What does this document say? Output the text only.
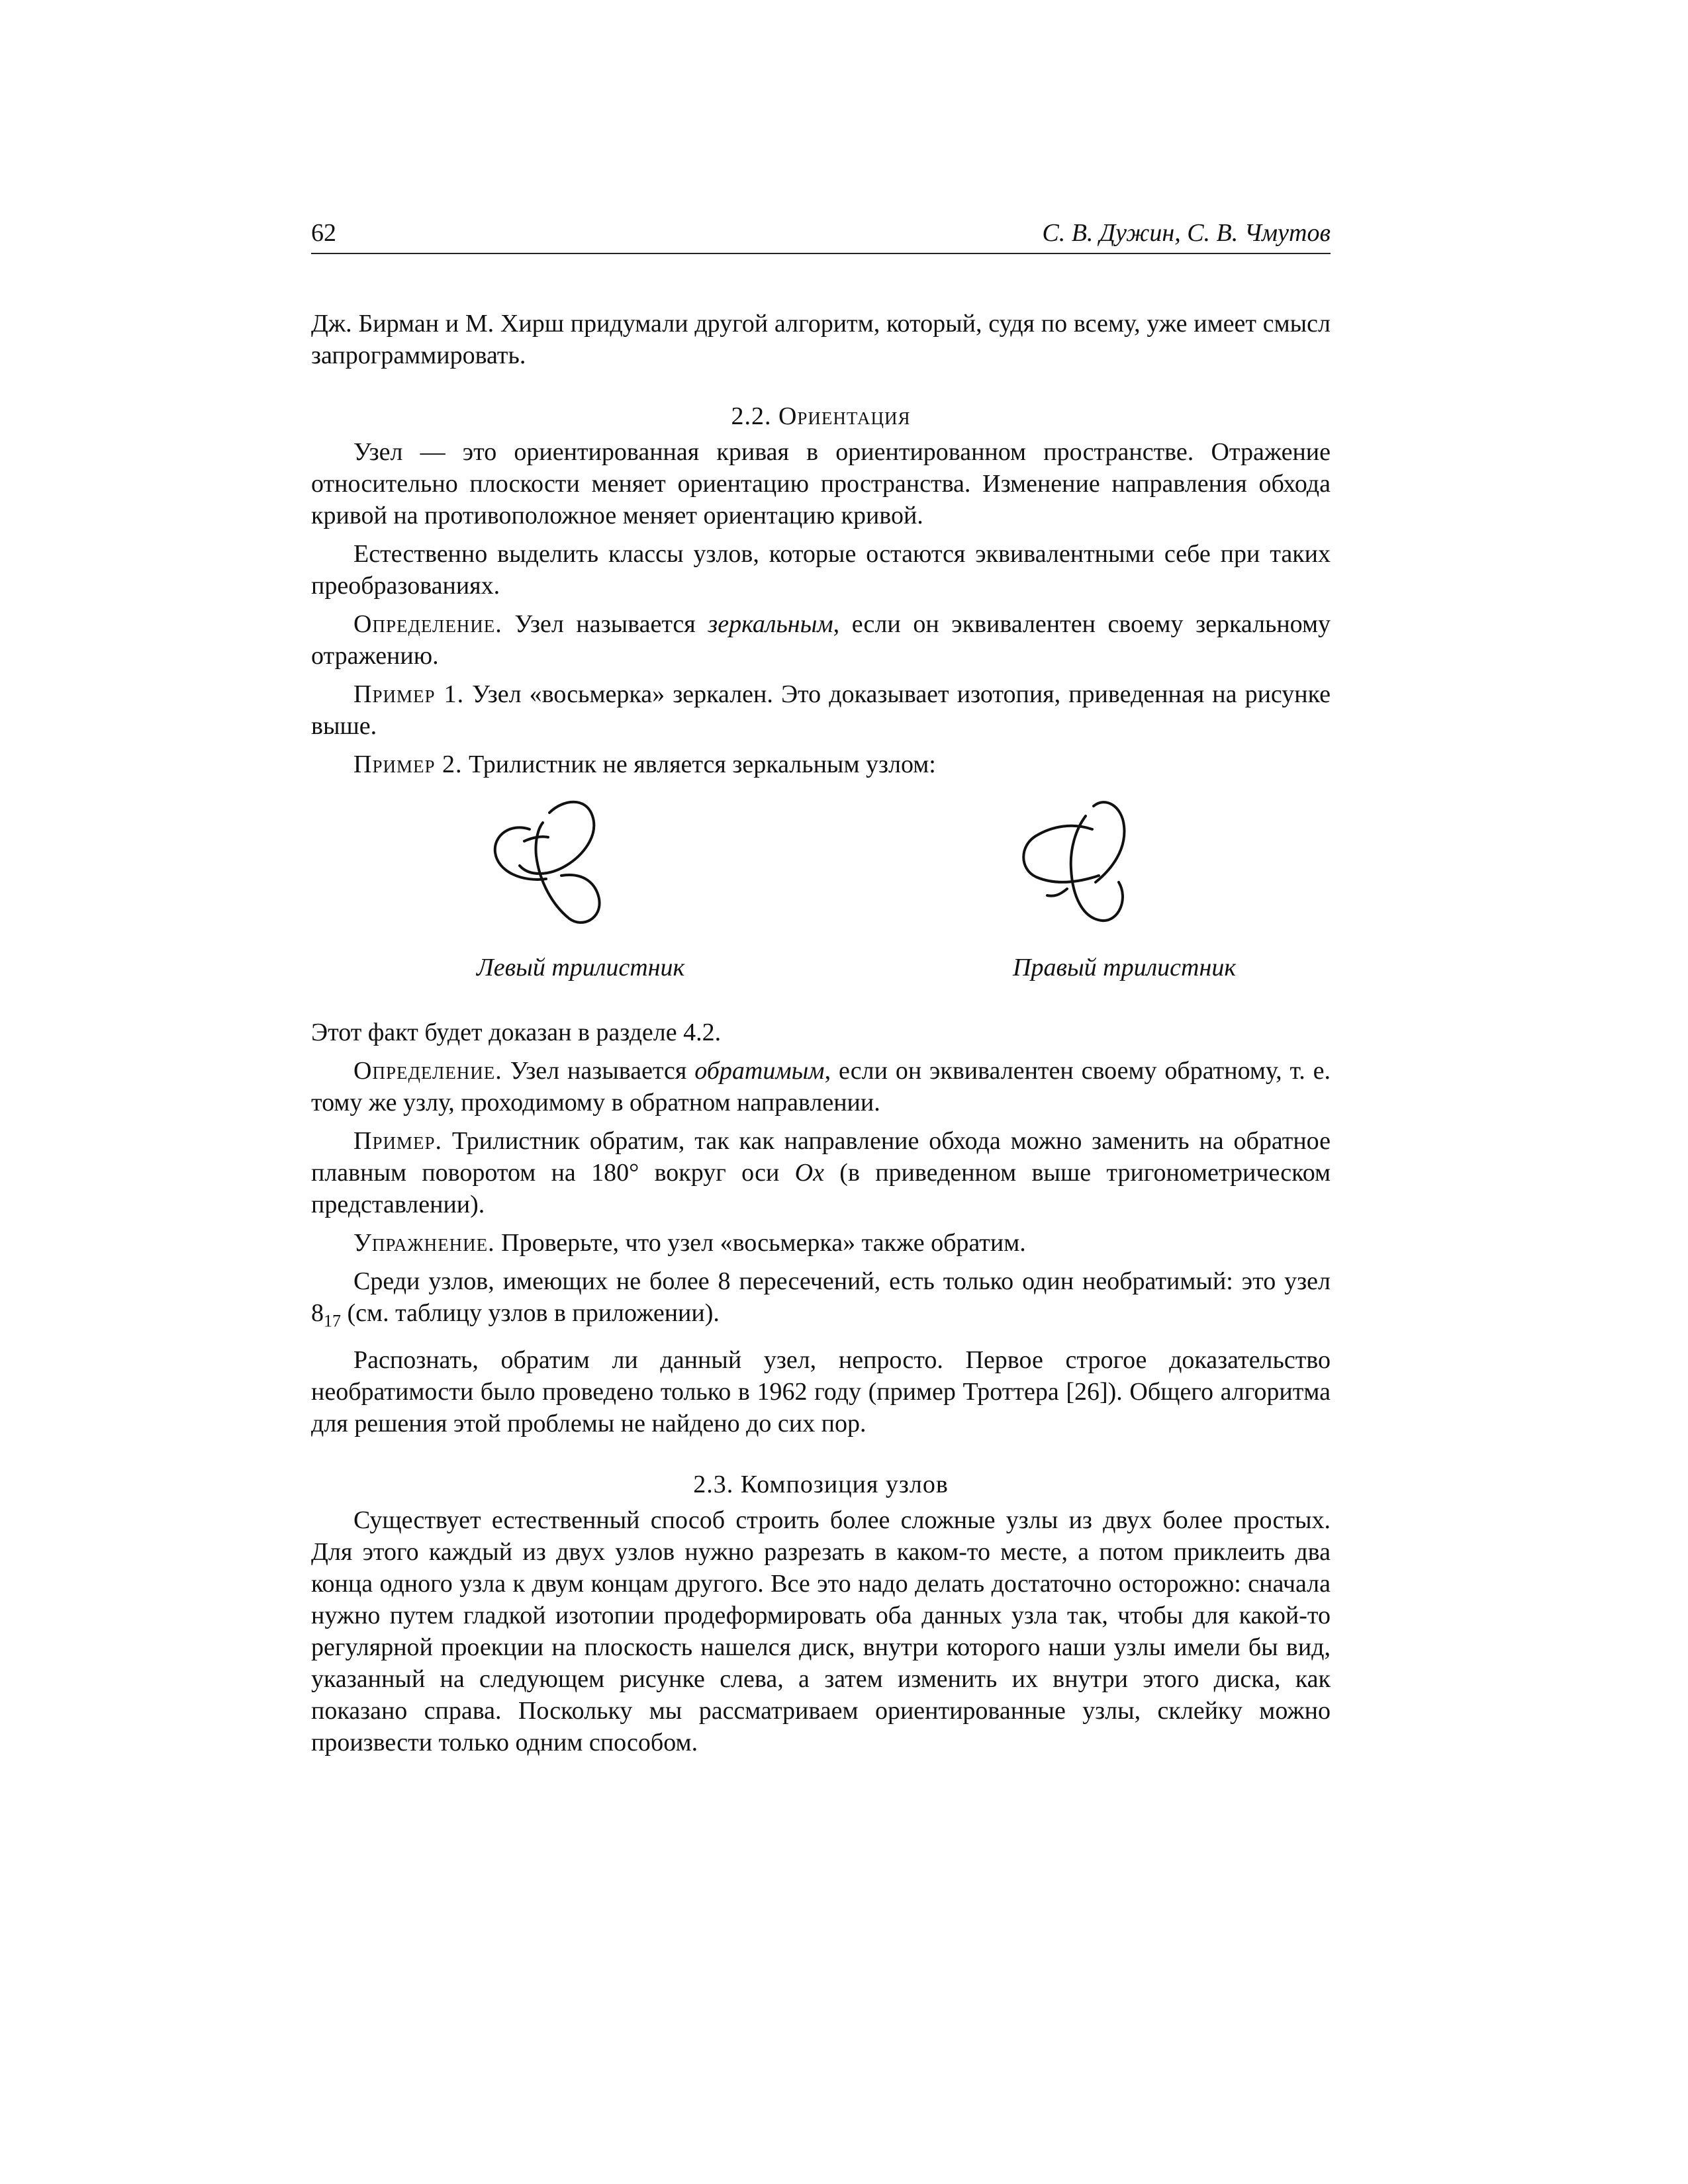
62	С. В. Дужин, С. В. Чмутов

Дж. Бирман и М. Хирш придумали другой алгоритм, который, судя по всему, уже имеет смысл запрограммировать.

2.2. Ориентация

Узел — это ориентированная кривая в ориентированном пространстве. Отражение относительно плоскости меняет ориентацию пространства. Изменение направления обхода кривой на противоположное меняет ориентацию кривой.

Естественно выделить классы узлов, которые остаются эквивалентными себе при таких преобразованиях.

Определение. Узел называется зеркальным, если он эквивалентен своему зеркальному отражению.

Пример 1. Узел «восьмерка» зеркален. Это доказывает изотопия, приведенная на рисунке выше.

Пример 2. Трилистник не является зеркальным узлом:

Левый трилистник	Правый трилистник

Этот факт будет доказан в разделе 4.2.

Определение. Узел называется обратимым, если он эквивалентен своему обратному, т. е. тому же узлу, проходимому в обратном направлении.

Пример. Трилистник обратим, так как направление обхода можно заменить на обратное плавным поворотом на 180° вокруг оси Ox (в приведенном выше тригонометрическом представлении).

Упражнение. Проверьте, что узел «восьмерка» также обратим.

Среди узлов, имеющих не более 8 пересечений, есть только один необратимый: это узел $8_{17}$ (см. таблицу узлов в приложении).

Распознать, обратим ли данный узел, непросто. Первое строгое доказательство необратимости было проведено только в 1962 году (пример Троттера [26]). Общего алгоритма для решения этой проблемы не найдено до сих пор.

2.3. Композиция узлов

Существует естественный способ строить более сложные узлы из двух более простых. Для этого каждый из двух узлов нужно разрезать в каком-то месте, а потом приклеить два конца одного узла к двум концам другого. Все это надо делать достаточно осторожно: сначала нужно путем гладкой изотопии продеформировать оба данных узла так, чтобы для какой-то регулярной проекции на плоскость нашелся диск, внутри которого наши узлы имели бы вид, указанный на следующем рисунке слева, а затем изменить их внутри этого диска, как показано справа. Поскольку мы рассматриваем ориентированные узлы, склейку можно произвести только одним способом.
